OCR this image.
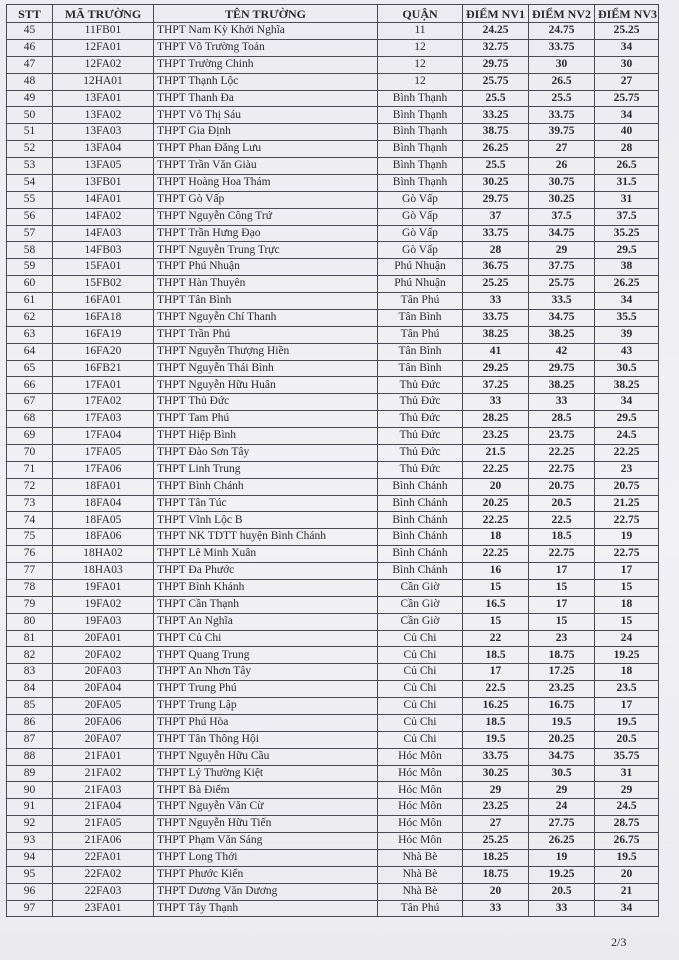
STT	MÃ TRƯỜNG	TÊN TRƯỜNG	QUẬN	ĐIỂM NV1	ĐIỂM NV2	ĐIỂM NV3
45	11FB01	THPT Nam Kỳ Khởi Nghĩa	11	24.25	24.75	25.25
46	12FA01	THPT Võ Trường Toản	12	32.75	33.75	34
47	12FA02	THPT Trường Chinh	12	29.75	30	30
48	12HA01	THPT Thạnh Lộc	12	25.75	26.5	27
49	13FA01	THPT Thanh Đa	Bình Thạnh	25.5	25.5	25.75
50	13FA02	THPT Võ Thị Sáu	Bình Thạnh	33.25	33.75	34
51	13FA03	THPT Gia Định	Bình Thạnh	38.75	39.75	40
52	13FA04	THPT Phan Đăng Lưu	Bình Thạnh	26.25	27	28
53	13FA05	THPT Trần Văn Giàu	Bình Thạnh	25.5	26	26.5
54	13FB01	THPT Hoàng Hoa Thám	Bình Thạnh	30.25	30.75	31.5
55	14FA01	THPT Gò Vấp	Gò Vấp	29.75	30.25	31
56	14FA02	THPT Nguyễn Công Trứ	Gò Vấp	37	37.5	37.5
57	14FA03	THPT Trần Hưng Đạo	Gò Vấp	33.75	34.75	35.25
58	14FB03	THPT Nguyễn Trung Trực	Gò Vấp	28	29	29.5
59	15FA01	THPT Phú Nhuận	Phú Nhuận	36.75	37.75	38
60	15FB02	THPT Hàn Thuyên	Phú Nhuận	25.25	25.75	26.25
61	16FA01	THPT Tân Bình	Tân Phú	33	33.5	34
62	16FA18	THPT Nguyễn Chí Thanh	Tân Bình	33.75	34.75	35.5
63	16FA19	THPT Trần Phú	Tân Phú	38.25	38.25	39
64	16FA20	THPT Nguyễn Thượng Hiền	Tân Bình	41	42	43
65	16FB21	THPT Nguyễn Thái Bình	Tân Bình	29.25	29.75	30.5
66	17FA01	THPT Nguyễn Hữu Huân	Thủ Đức	37.25	38.25	38.25
67	17FA02	THPT Thủ Đức	Thủ Đức	33	33	34
68	17FA03	THPT Tam Phú	Thủ Đức	28.25	28.5	29.5
69	17FA04	THPT Hiệp Bình	Thủ Đức	23.25	23.75	24.5
70	17FA05	THPT Đào Sơn Tây	Thủ Đức	21.5	22.25	22.25
71	17FA06	THPT Linh Trung	Thủ Đức	22.25	22.75	23
72	18FA01	THPT Bình Chánh	Bình Chánh	20	20.75	20.75
73	18FA04	THPT Tân Túc	Bình Chánh	20.25	20.5	21.25
74	18FA05	THPT Vĩnh Lộc B	Bình Chánh	22.25	22.5	22.75
75	18FA06	THPT NK TDTT huyện Bình Chánh	Bình Chánh	18	18.5	19
76	18HA02	THPT Lê Minh Xuân	Bình Chánh	22.25	22.75	22.75
77	18HA03	THPT Đa Phước	Bình Chánh	16	17	17
78	19FA01	THPT Bình Khánh	Cần Giờ	15	15	15
79	19FA02	THPT Cần Thạnh	Cần Giờ	16.5	17	18
80	19FA03	THPT An Nghĩa	Cần Giờ	15	15	15
81	20FA01	THPT Củ Chi	Củ Chi	22	23	24
82	20FA02	THPT Quang Trung	Củ Chi	18.5	18.75	19.25
83	20FA03	THPT An Nhơn Tây	Củ Chi	17	17.25	18
84	20FA04	THPT Trung Phú	Củ Chi	22.5	23.25	23.5
85	20FA05	THPT Trung Lập	Củ Chi	16.25	16.75	17
86	20FA06	THPT Phú Hòa	Củ Chi	18.5	19.5	19.5
87	20FA07	THPT Tân Thông Hội	Củ Chi	19.5	20.25	20.5
88	21FA01	THPT Nguyễn Hữu Cầu	Hóc Môn	33.75	34.75	35.75
89	21FA02	THPT Lý Thường Kiệt	Hóc Môn	30.25	30.5	31
90	21FA03	THPT Bà Điểm	Hóc Môn	29	29	29
91	21FA04	THPT Nguyễn Văn Cừ	Hóc Môn	23.25	24	24.5
92	21FA05	THPT Nguyễn Hữu Tiến	Hóc Môn	27	27.75	28.75
93	21FA06	THPT Phạm Văn Sáng	Hóc Môn	25.25	26.25	26.75
94	22FA01	THPT Long Thới	Nhà Bè	18.25	19	19.5
95	22FA02	THPT Phước Kiển	Nhà Bè	18.75	19.25	20
96	22FA03	THPT Dương Văn Dương	Nhà Bè	20	20.5	21
97	23FA01	THPT Tây Thạnh	Tân Phú	33	33	34
2/3
